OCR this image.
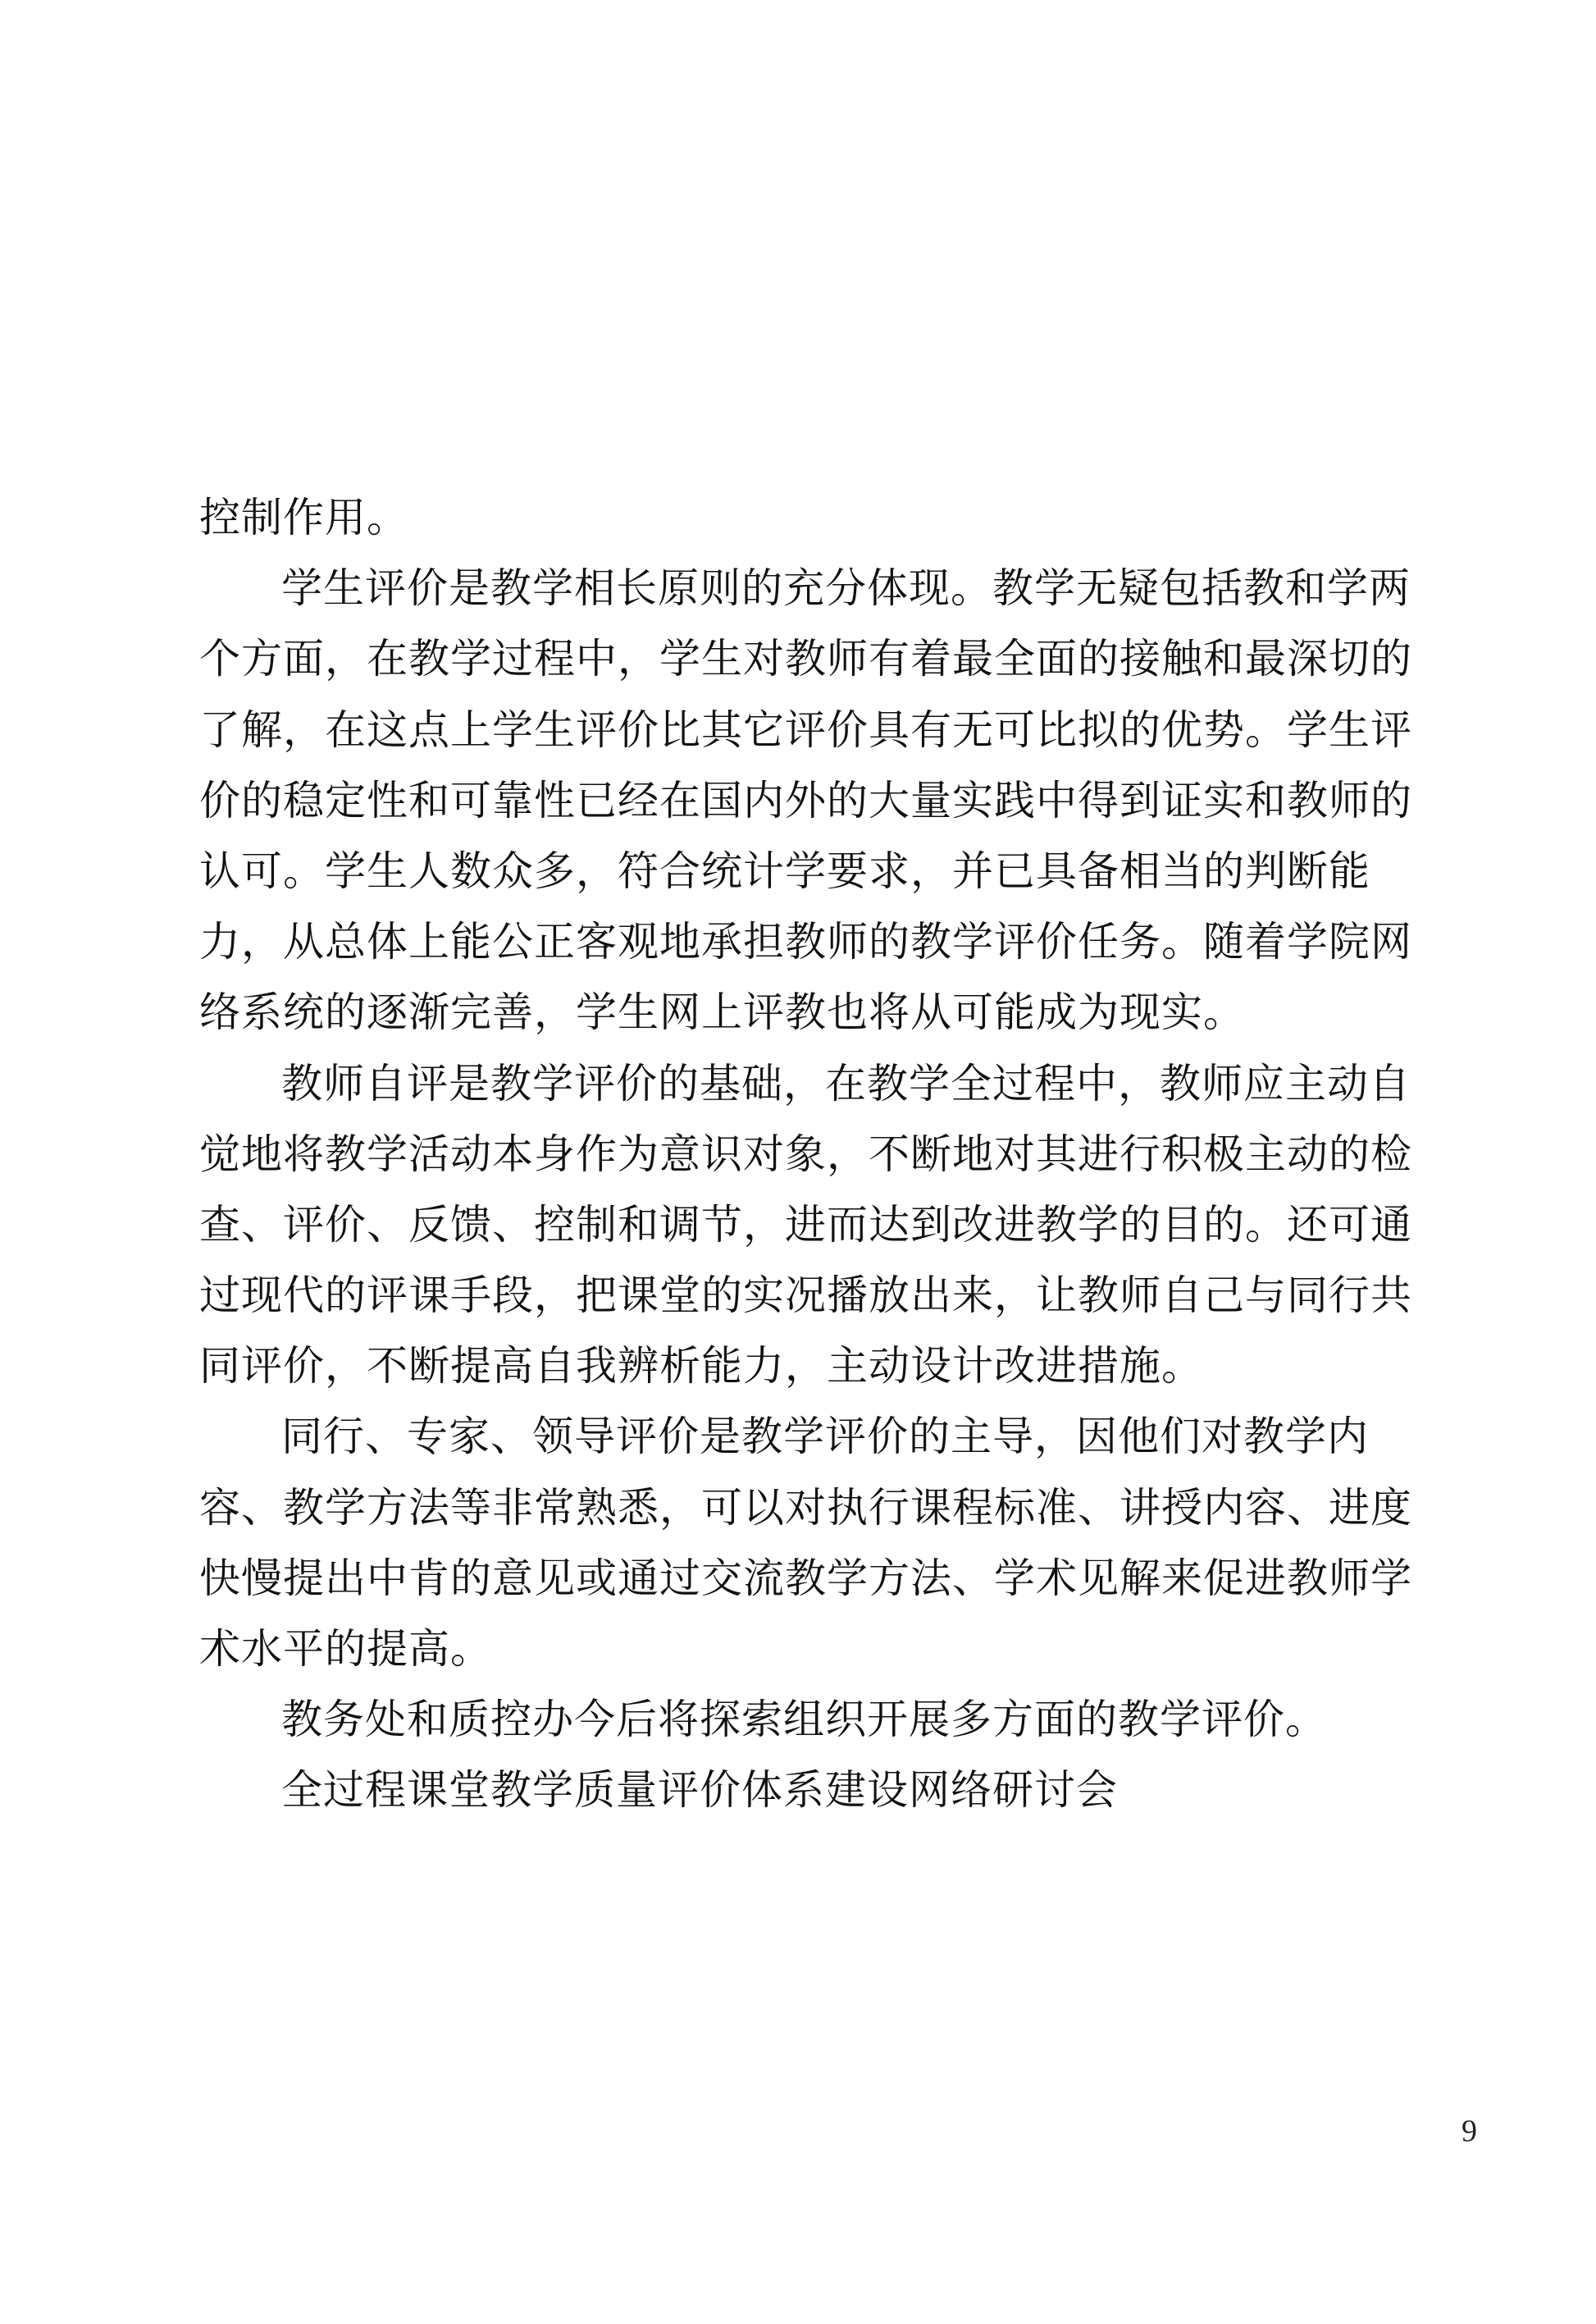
控制作用。
学生评价是教学相长原则的充分体现。教学无疑包括教和学两
个方面，在教学过程中，学生对教师有着最全面的接触和最深切的
了解，在这点上学生评价比其它评价具有无可比拟的优势。学生评
价的稳定性和可靠性已经在国内外的大量实践中得到证实和教师的
认可。学生人数众多，符合统计学要求，并已具备相当的判断能
力，从总体上能公正客观地承担教师的教学评价任务。随着学院网
络系统的逐渐完善，学生网上评教也将从可能成为现实。
教师自评是教学评价的基础，在教学全过程中，教师应主动自
觉地将教学活动本身作为意识对象，不断地对其进行积极主动的检
查、评价、反馈、控制和调节，进而达到改进教学的目的。还可通
过现代的评课手段，把课堂的实况播放出来，让教师自己与同行共
同评价，不断提高自我辨析能力，主动设计改进措施。
同行、专家、领导评价是教学评价的主导，因他们对教学内
容、教学方法等非常熟悉，可以对执行课程标准、讲授内容、进度
快慢提出中肯的意见或通过交流教学方法、学术见解来促进教师学
术水平的提高。
教务处和质控办今后将探索组织开展多方面的教学评价。
全过程课堂教学质量评价体系建设网络研讨会
9
